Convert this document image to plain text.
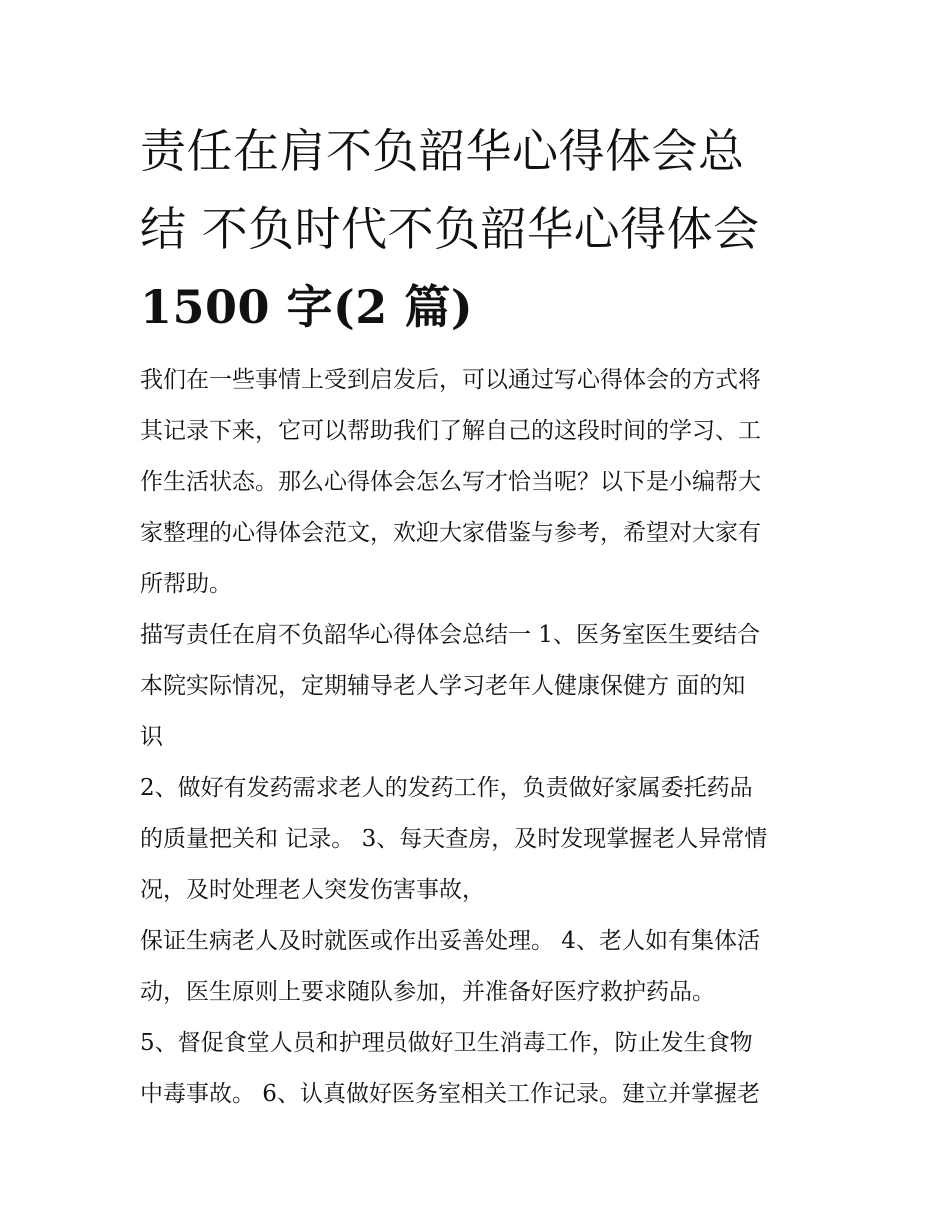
责任在肩不负韶华心得体会总
结 不负时代不负韶华心得体会
1500 字(2 篇)

我们在一些事情上受到启发后，可以通过写心得体会的方式将
其记录下来，它可以帮助我们了解自己的这段时间的学习、工
作生活状态。那么心得体会怎么写才恰当呢？以下是小编帮大
家整理的心得体会范文，欢迎大家借鉴与参考，希望对大家有
所帮助。

描写责任在肩不负韶华心得体会总结一 1、医务室医生要结合
本院实际情况，定期辅导老人学习老年人健康保健方 面的知
识

2、做好有发药需求老人的发药工作，负责做好家属委托药品
的质量把关和 记录。 3、每天查房，及时发现掌握老人异常情
况，及时处理老人突发伤害事故，

保证生病老人及时就医或作出妥善处理。 4、老人如有集体活
动，医生原则上要求随队参加，并准备好医疗救护药品。

5、督促食堂人员和护理员做好卫生消毒工作，防止发生食物
中毒事故。 6、认真做好医务室相关工作记录。建立并掌握老
